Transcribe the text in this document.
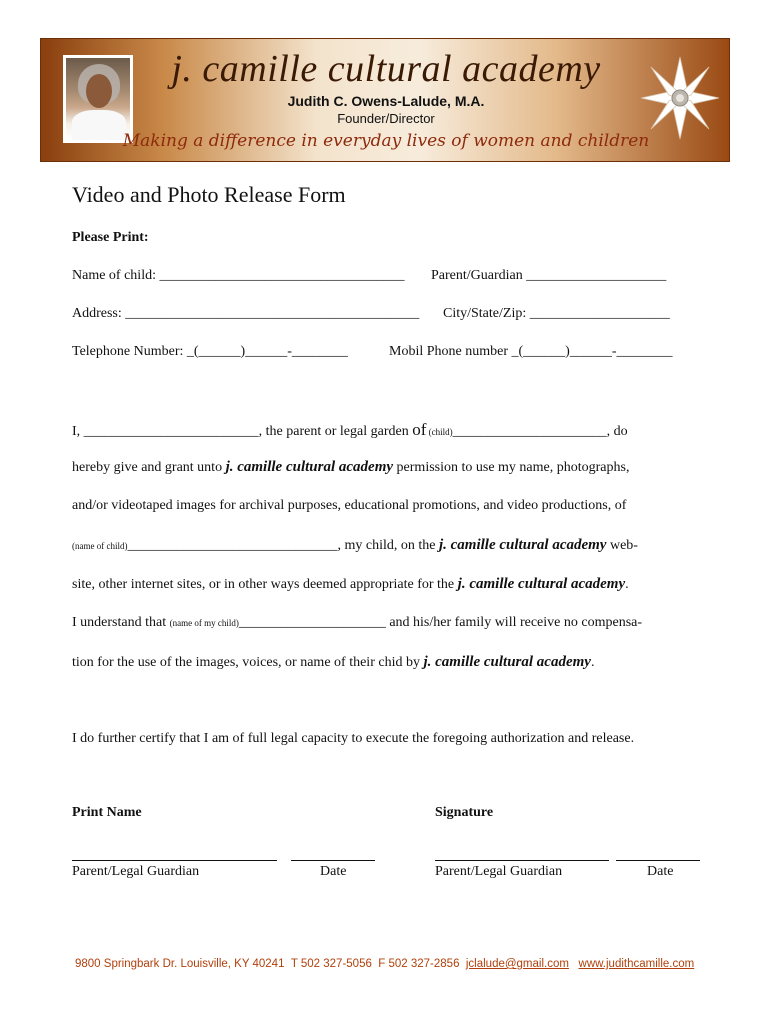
j. camille cultural academy
Judith C. Owens-Lalude, M.A.
Founder/Director
Making a difference in everyday lives of women and children
Video and Photo Release Form
Please Print:
Name of child: ___________________________________ Parent/Guardian ____________________
Address: __________________________________________ City/State/Zip: ____________________
Telephone Number: _(______)______-________	Mobil Phone number _(______)______-________
I, _________________________, the parent or legal garden of (child)______________________, do
hereby give and grant unto j. camille cultural academy permission to use my name, photographs,
and/or videotaped images for archival purposes, educational promotions, and video productions, of
(name of child)______________________________, my child, on the j. camille cultural academy web-
site, other internet sites, or in other ways deemed appropriate for the j. camille cultural academy.
I understand that (name of my child)_____________________ and his/her family will receive no compensa-
tion for the use of the images, voices, or name of their chid by j. camille cultural academy.
I do further certify that I am of full legal capacity to execute the foregoing authorization and release.
Print Name	Signature
Parent/Legal Guardian	Date	Parent/Legal Guardian	Date
9800 Springbark Dr. Louisville, KY 40241 T 502 327-5056 F 502 327-2856 jclalude@gmail.com www.judithcamille.com
